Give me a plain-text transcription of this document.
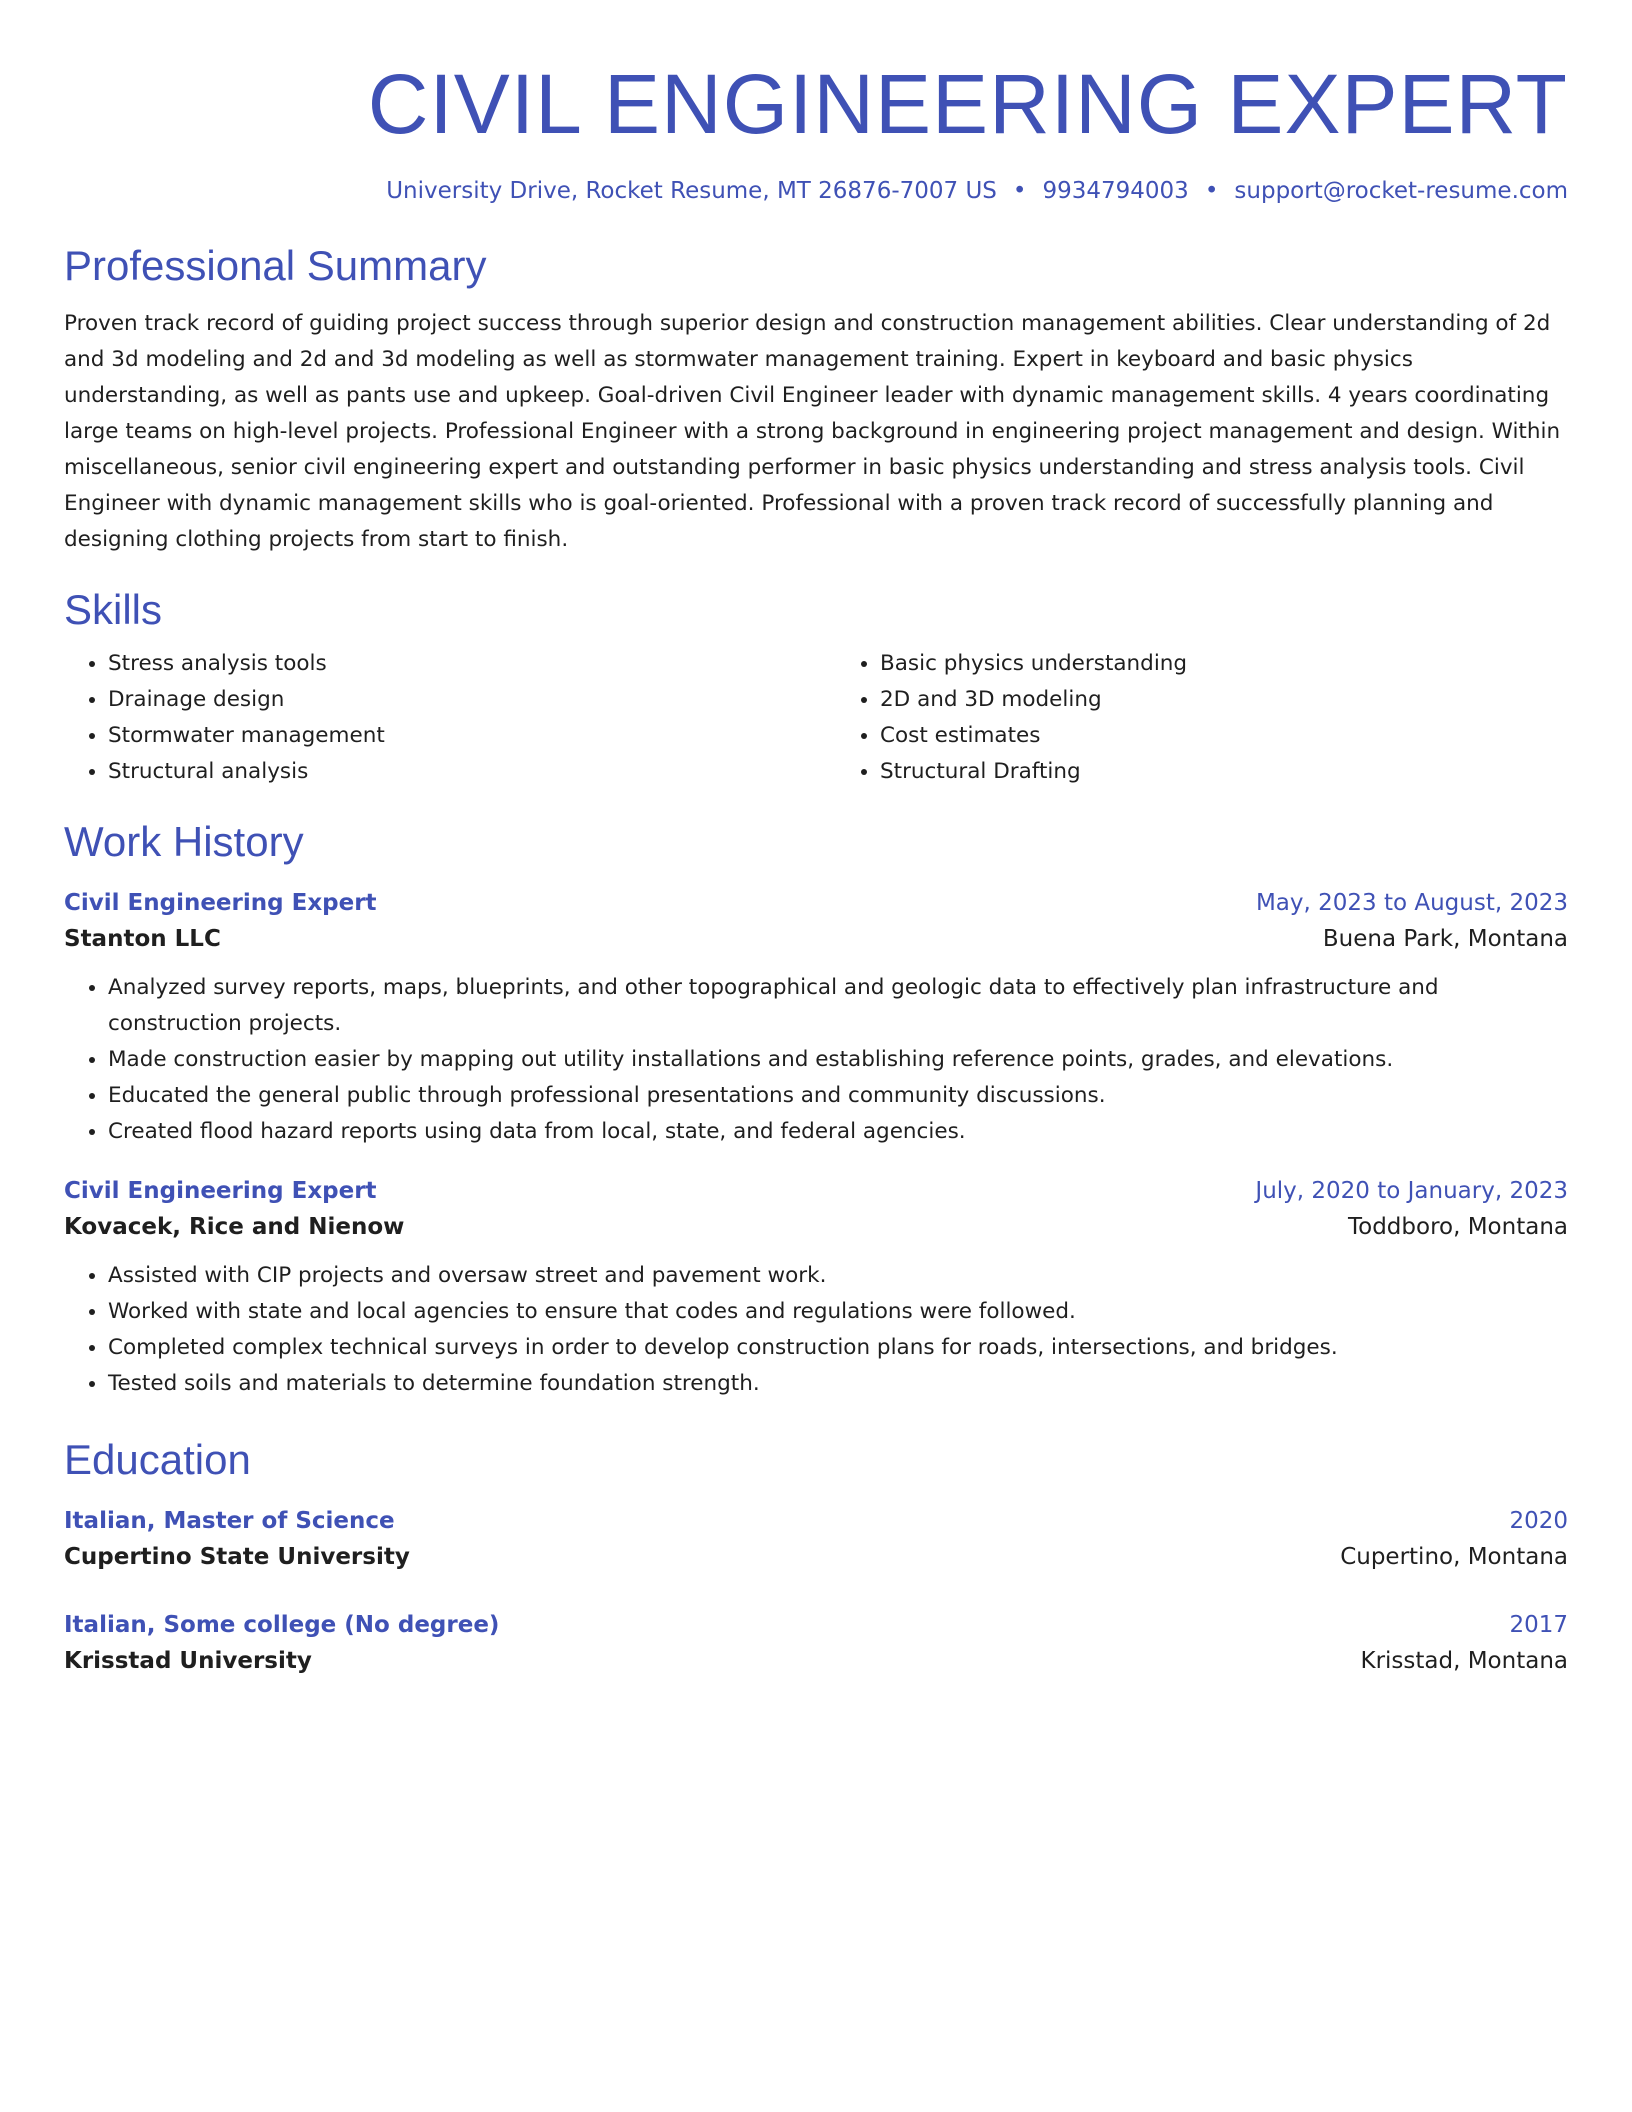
CIVIL ENGINEERING EXPERT
University Drive, Rocket Resume, MT 26876-7007 US • 9934794003 • support@rocket-resume.com
Professional Summary

Proven track record of guiding project success through superior design and construction management abilities. Clear understanding of 2d and 3d modeling and 2d and 3d modeling as well as stormwater management training. Expert in keyboard and basic physics understanding, as well as pants use and upkeep. Goal-driven Civil Engineer leader with dynamic management skills. 4 years coordinating large teams on high-level projects. Professional Engineer with a strong background in engineering project management and design. Within miscellaneous, senior civil engineering expert and outstanding performer in basic physics understanding and stress analysis tools. Civil Engineer with dynamic management skills who is goal-oriented. Professional with a proven track record of successfully planning and designing clothing projects from start to finish.

Skills
• Stress analysis tools
• Drainage design
• Stormwater management
• Structural analysis
• Basic physics understanding
• 2D and 3D modeling
• Cost estimates
• Structural Drafting
Work History
Civil Engineering Expert	May, 2023 to August, 2023
Stanton LLC	Buena Park, Montana
• Analyzed survey reports, maps, blueprints, and other topographical and geologic data to effectively plan infrastructure and construction projects.
• Made construction easier by mapping out utility installations and establishing reference points, grades, and elevations.
• Educated the general public through professional presentations and community discussions.
• Created flood hazard reports using data from local, state, and federal agencies.
Civil Engineering Expert	July, 2020 to January, 2023
Kovacek, Rice and Nienow	Toddboro, Montana
• Assisted with CIP projects and oversaw street and pavement work.
• Worked with state and local agencies to ensure that codes and regulations were followed.
• Completed complex technical surveys in order to develop construction plans for roads, intersections, and bridges.
• Tested soils and materials to determine foundation strength.
Education
Italian, Master of Science	2020
Cupertino State University	Cupertino, Montana
Italian, Some college (No degree)	2017
Krisstad University	Krisstad, Montana
